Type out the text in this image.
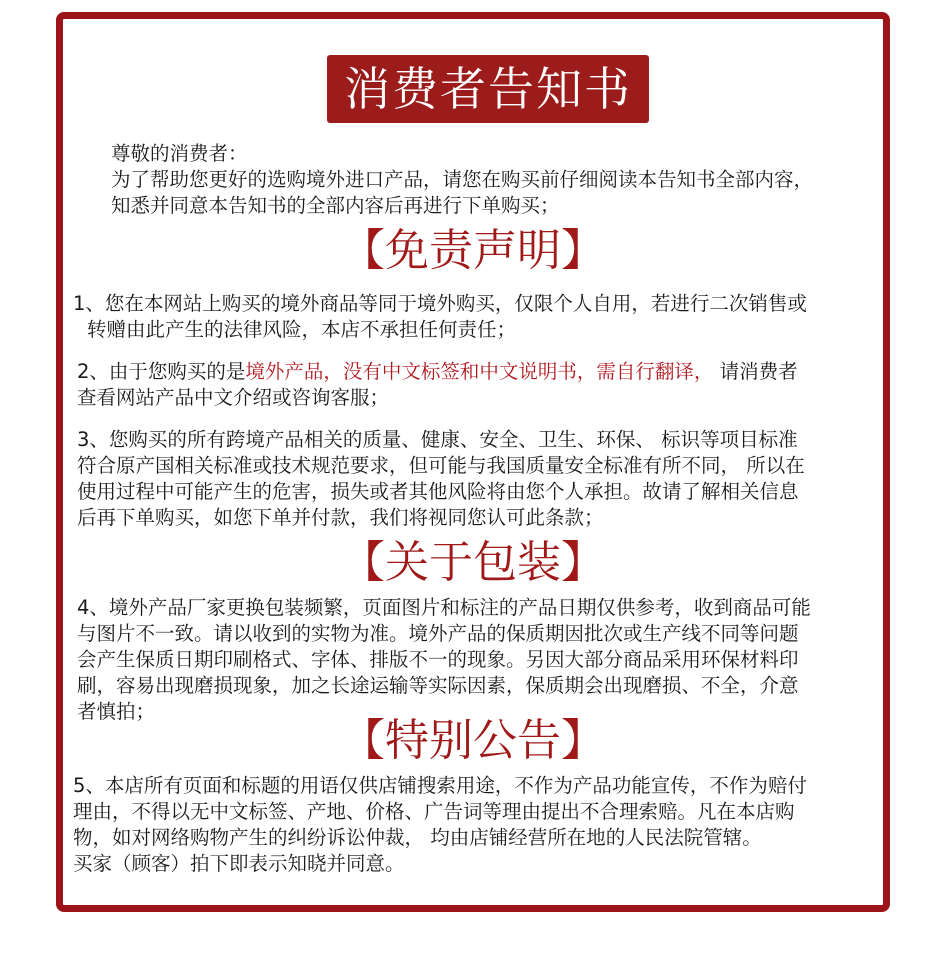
消费者告知书
尊敬的消费者：
为了帮助您更好的选购境外进口产品，请您在购买前仔细阅读本告知书全部内容，
知悉并同意本告知书的全部内容后再进行下单购买；
【免责声明】
1、您在本网站上购买的境外商品等同于境外购买，仅限个人自用，若进行二次销售或
转赠由此产生的法律风险，本店不承担任何责任；
2、由于您购买的是境外产品，没有中文标签和中文说明书，需自行翻译， 请消费者
查看网站产品中文介绍或咨询客服；
3、您购买的所有跨境产品相关的质量、健康、安全、卫生、环保、 标识等项目标准
符合原产国相关标准或技术规范要求，但可能与我国质量安全标准有所不同， 所以在
使用过程中可能产生的危害，损失或者其他风险将由您个人承担。故请了解相关信息
后再下单购买，如您下单并付款，我们将视同您认可此条款；
【关于包装】
4、境外产品厂家更换包装频繁，页面图片和标注的产品日期仅供参考，收到商品可能
与图片不一致。请以收到的实物为准。境外产品的保质期因批次或生产线不同等问题
会产生保质日期印刷格式、字体、排版不一的现象。另因大部分商品采用环保材料印
刷，容易出现磨损现象，加之长途运输等实际因素，保质期会出现磨损、不全，介意
者慎拍；
【特别公告】
5、本店所有页面和标题的用语仅供店铺搜索用途，不作为产品功能宣传，不作为赔付
理由，不得以无中文标签、产地、价格、广告词等理由提出不合理索赔。凡在本店购
物，如对网络购物产生的纠纷诉讼仲裁， 均由店铺经营所在地的人民法院管辖。
买家（顾客）拍下即表示知晓并同意。
